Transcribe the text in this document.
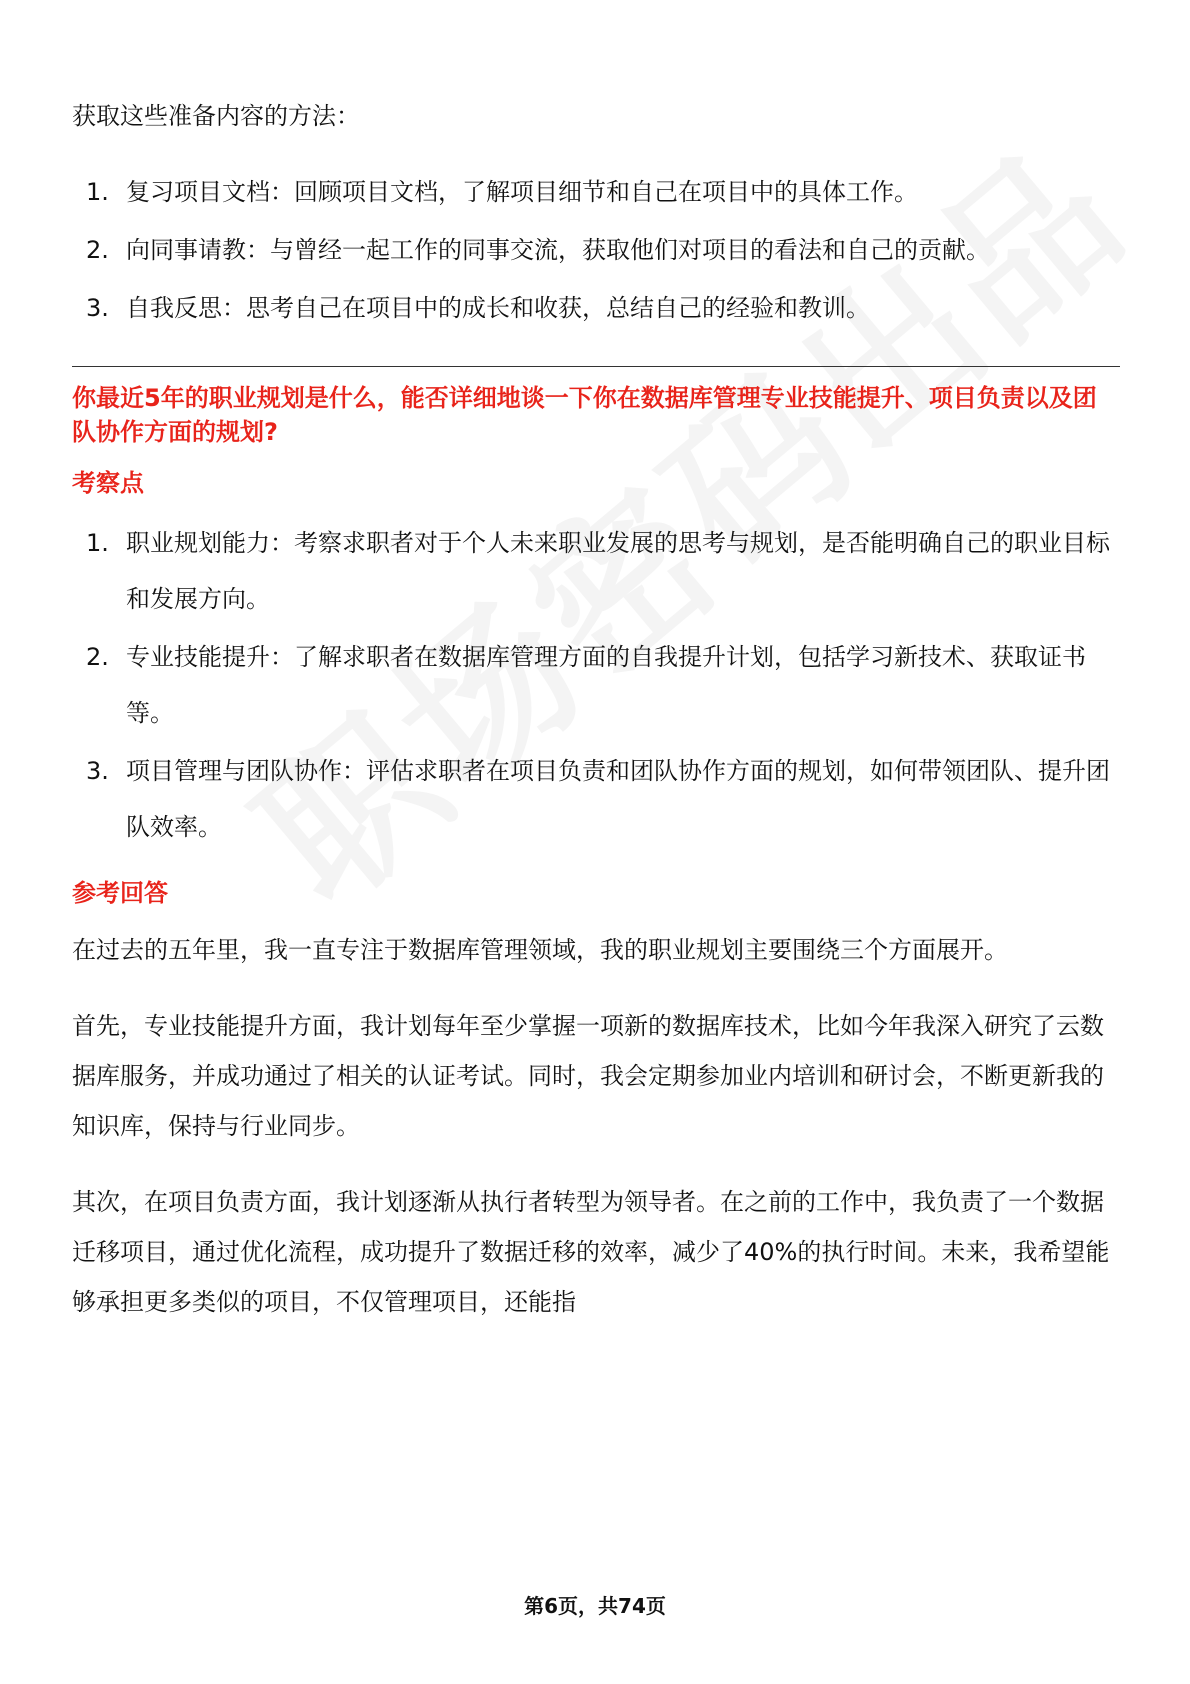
获取这些准备内容的方法：

1. 复习项目文档：回顾项目文档，了解项目细节和自己在项目中的具体工作。
2. 向同事请教：与曾经一起工作的同事交流，获取他们对项目的看法和自己的贡献。
3. 自我反思：思考自己在项目中的成长和收获，总结自己的经验和教训。

你最近5年的职业规划是什么，能否详细地谈一下你在数据库管理专业技能提升、项目负责以及团队协作方面的规划?

考察点

1. 职业规划能力：考察求职者对于个人未来职业发展的思考与规划，是否能明确自己的职业目标和发展方向。
2. 专业技能提升：了解求职者在数据库管理方面的自我提升计划，包括学习新技术、获取证书等。
3. 项目管理与团队协作：评估求职者在项目负责和团队协作方面的规划，如何带领团队、提升团队效率。

参考回答

在过去的五年里，我一直专注于数据库管理领域，我的职业规划主要围绕三个方面展开。

首先，专业技能提升方面，我计划每年至少掌握一项新的数据库技术，比如今年我深入研究了云数据库服务，并成功通过了相关的认证考试。同时，我会定期参加业内培训和研讨会，不断更新我的知识库，保持与行业同步。

其次，在项目负责方面，我计划逐渐从执行者转型为领导者。在之前的工作中，我负责了一个数据迁移项目，通过优化流程，成功提升了数据迁移的效率，减少了40%的执行时间。未来，我希望能够承担更多类似的项目，不仅管理项目，还能指

第6页，共74页
